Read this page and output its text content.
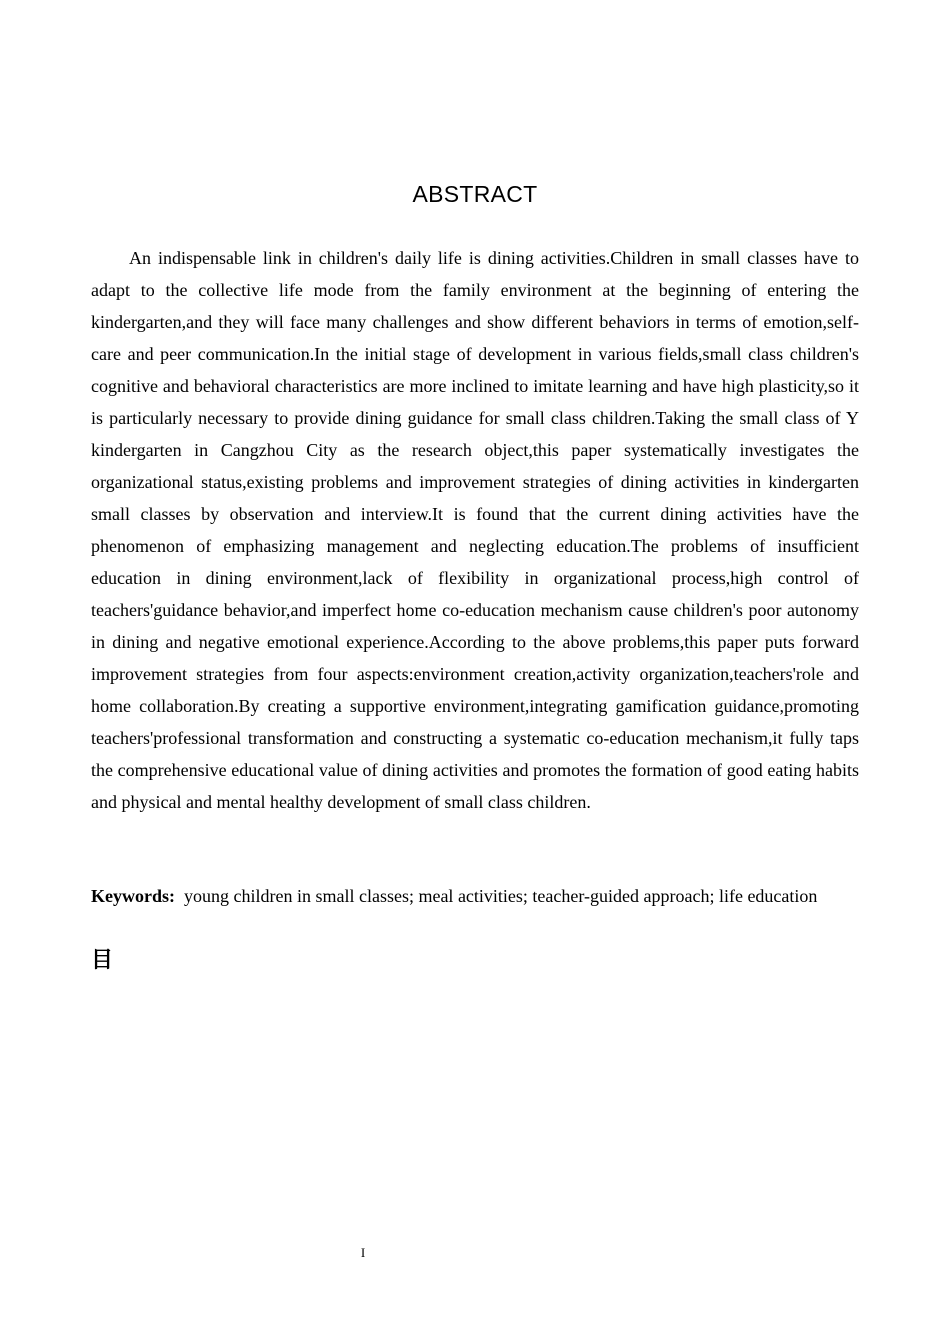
ABSTRACT

An indispensable link in children's daily life is dining activities.Children in small classes have to adapt to the collective life mode from the family environment at the beginning of entering the kindergarten,and they will face many challenges and show different behaviors in terms of emotion,self-care and peer communication.In the initial stage of development in various fields,small class children's cognitive and behavioral characteristics are more inclined to imitate learning and have high plasticity,so it is particularly necessary to provide dining guidance for small class children.Taking the small class of Y kindergarten in Cangzhou City as the research object,this paper systematically investigates the organizational status,existing problems and improvement strategies of dining activities in kindergarten small classes by observation and interview.It is found that the current dining activities have the phenomenon of emphasizing management and neglecting education.The problems of insufficient education in dining environment,lack of flexibility in organizational process,high control of teachers'guidance behavior,and imperfect home co-education mechanism cause children's poor autonomy in dining and negative emotional experience.According to the above problems,this paper puts forward improvement strategies from four aspects:environment creation,activity organization,teachers'role and home collaboration.By creating a supportive environment,integrating gamification guidance,promoting teachers'professional transformation and constructing a systematic co-education mechanism,it fully taps the comprehensive educational value of dining activities and promotes the formation of good eating habits and physical and mental healthy development of small class children.

Keywords: young children in small classes; meal activities; teacher-guided approach; life education

目
I
